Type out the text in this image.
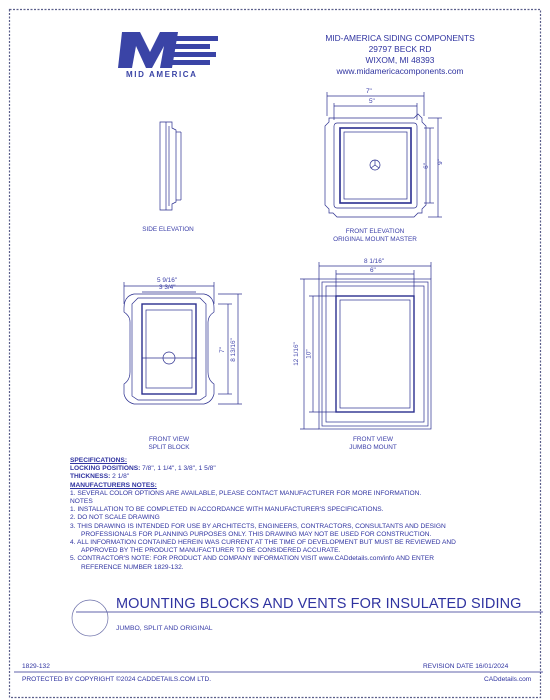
MID AMERICA
MID-AMERICA SIDING COMPONENTS
29797 BECK RD
WIXOM, MI 48393
www.midamericacomponents.com
7"
5"
9"
6"
5 9/16"
3 3/4"
7" 8 13/16"
8 1/16"
6"
12 1/16" 10"
SIDE ELEVATION	FRONT ELEVATION
ORIGINAL MOUNT MASTER
FRONT VIEW
SPLIT BLOCK
FRONT VIEW
JUMBO MOUNT
SPECIFICATIONS:
LOCKING POSITIONS: 7/8", 1 1/4", 1 3/8", 1 5/8"
THICKNESS: 2 1/8"
MANUFACTURERS NOTES:
1. SEVERAL COLOR OPTIONS ARE AVAILABLE, PLEASE CONTACT MANUFACTURER FOR MORE INFORMATION.
NOTES
1. INSTALLATION TO BE COMPLETED IN ACCORDANCE WITH MANUFACTURER'S SPECIFICATIONS.
2. DO NOT SCALE DRAWING
3. THIS DRAWING IS INTENDED FOR USE BY ARCHITECTS, ENGINEERS, CONTRACTORS, CONSULTANTS AND DESIGN
PROFESSIONALS FOR PLANNING PURPOSES ONLY. THIS DRAWING MAY NOT BE USED FOR CONSTRUCTION.
4. ALL INFORMATION CONTAINED HEREIN WAS CURRENT AT THE TIME OF DEVELOPMENT BUT MUST BE REVIEWED AND
APPROVED BY THE PRODUCT MANUFACTURER TO BE CONSIDERED ACCURATE.
5. CONTRACTOR'S NOTE: FOR PRODUCT AND COMPANY INFORMATION VISIT www.CADdetails.com/info AND ENTER
REFERENCE NUMBER 1829-132.
MOUNTING BLOCKS AND VENTS FOR INSULATED SIDING
JUMBO, SPLIT AND ORIGINAL
1829-132	REVISION DATE 16/01/2024
PROTECTED BY COPYRIGHT ©2024 CADDETAILS.COM LTD.	CADdetails.com
